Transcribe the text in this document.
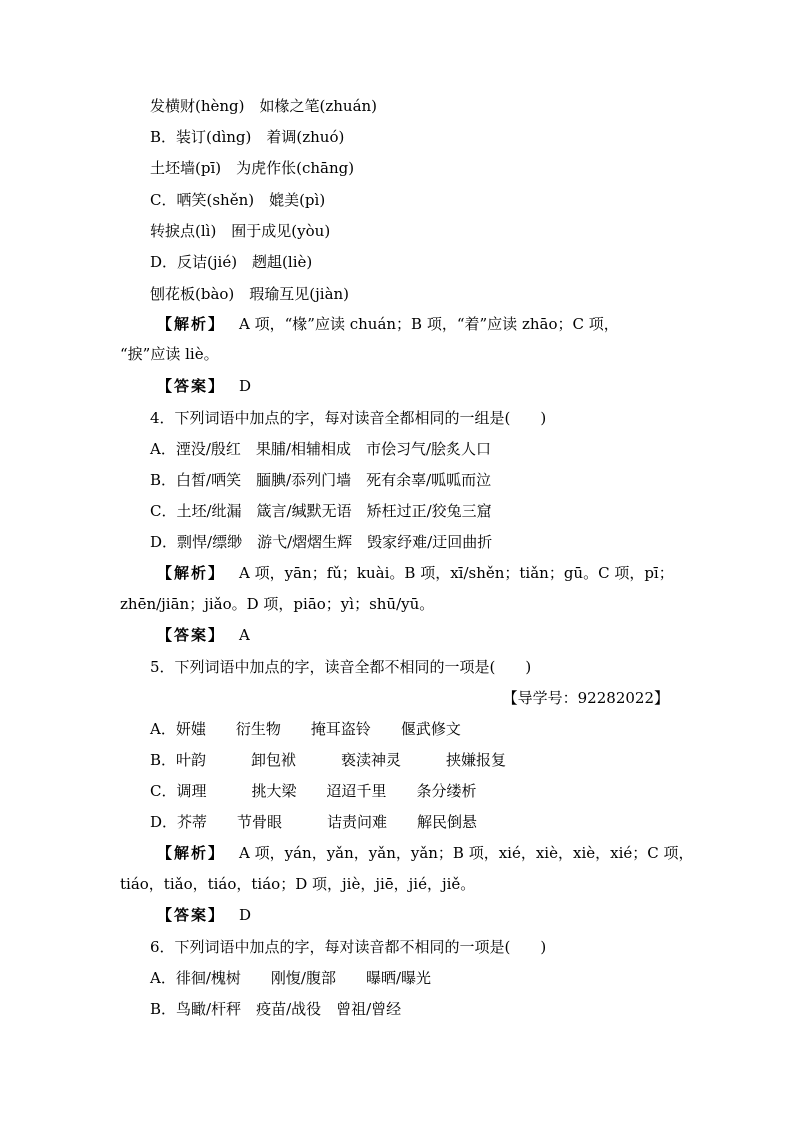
发横财(hèng)　如椽之笔(zhuán)
B．装订(dìng)　着调(zhuó)
土坯墙(pī)　为虎作伥(chāng)
C．哂笑(shěn)　媲美(pì)
转捩点(lì)　囿于成见(yòu)
D．反诘(jié)　趔趄(liè)
刨花板(bào)　瑕瑜互见(jiàn)
【解析】 A 项，“椽”应读 chuán；B 项，“着”应读 zhāo；C 项，
“捩”应读 liè。
【答案】 D
4．下列词语中加点的字，每对读音全都相同的一组是(　　)
A．湮没/殷红　果脯/相辅相成　市侩习气/脍炙人口
B．白皙/哂笑　腼腆/忝列门墙　死有余辜/呱呱而泣
C．土坯/纰漏　箴言/缄默无语　矫枉过正/狡兔三窟
D．剽悍/缥缈　游弋/熠熠生辉　毁家纾难/迂回曲折
【解析】 A 项，yān；fǔ；kuài。B 项，xī/shěn；tiǎn；gū。C 项，pī；
zhēn/jiān；jiǎo。D 项，piāo；yì；shū/yū。
【答案】 A
5．下列词语中加点的字，读音全都不相同的一项是(　　)
【导学号：92282022】
A．妍媸　　衍生物　　掩耳盗铃　　偃武修文
B．叶韵　　　卸包袱　　　亵渎神灵　　　挟嫌报复
C．调理　　　挑大梁　　迢迢千里　　条分缕析
D．芥蒂　　节骨眼　　　诘责问难　　解民倒悬
【解析】 A 项，yán，yǎn，yǎn，yǎn；B 项，xié，xiè，xiè，xié；C 项，
tiáo，tiǎo，tiáo，tiáo；D 项，jiè，jiē，jié，jiě。
【答案】 D
6．下列词语中加点的字，每对读音都不相同的一项是(　　)
A．徘徊/槐树　　刚愎/腹部　　曝晒/曝光
B．鸟瞰/杆秤　疫苗/战役　曾祖/曾经
